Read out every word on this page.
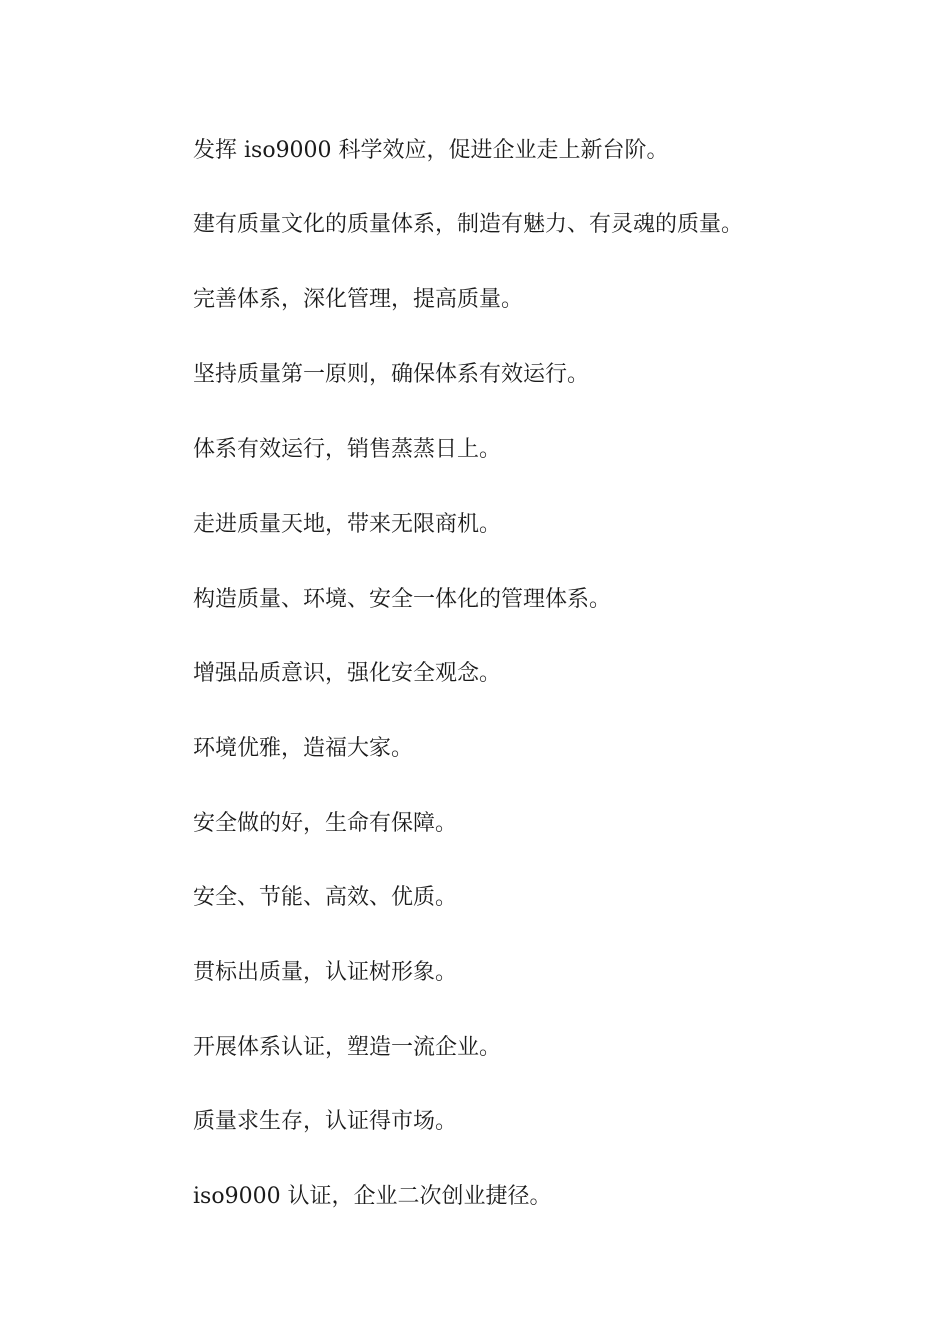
发挥 iso9000 科学效应，促进企业走上新台阶。

建有质量文化的质量体系，制造有魅力、有灵魂的质量。

完善体系，深化管理，提高质量。

坚持质量第一原则，确保体系有效运行。

体系有效运行，销售蒸蒸日上。

走进质量天地，带来无限商机。

构造质量、环境、安全一体化的管理体系。

增强品质意识，强化安全观念。

环境优雅，造福大家。

安全做的好，生命有保障。

安全、节能、高效、优质。

贯标出质量，认证树形象。

开展体系认证，塑造一流企业。

质量求生存，认证得市场。

iso9000 认证，企业二次创业捷径。
